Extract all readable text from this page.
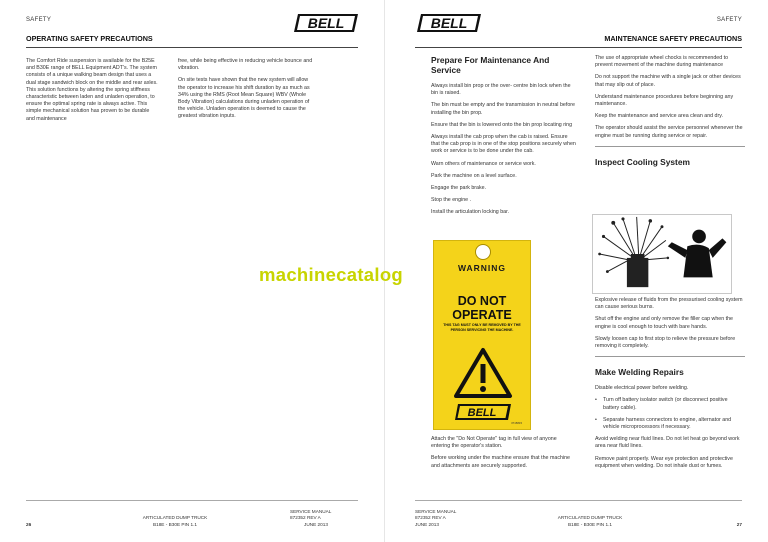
SAFETY	BELL
OPERATING SAFETY PRECAUTIONS

The Comfort Ride suspension is available for the B25E and B30E range of BELL Equipment ADT's. The system consists of a unique walking beam design that uses a dual stage sandwich block on the middle and rear axles. This solution functions by altering the spring stiffness characteristic between laden and unladen operation, to ensure the optimal spring rate is always active. This simple mechanical solution has proven to be durable and maintenance

free, while being effective in reducing vehicle bounce and vibration.

On site tests have shown that the new system will allow the operator to increase his shift duration by as much as 34% using the RMS (Root Mean Square) WBV (Whole Body Vibration) calculations during unladen operation of the vehicle. Unladen operation is deemed to cause the greatest vibration inputs.

26
ARTICULATED DUMP TRUCK
B18E - B30E PIN 1.1
SERVICE MANUAL
872352 REV A
JUNE 2013
SAFETY
BELL
MAINTENANCE SAFETY PRECAUTIONS
Prepare For Maintenance And Service

Always install bin prop or the over- centre bin lock when the bin is raised.

The bin must be empty and the transmission in neutral before installing the bin prop.

Ensure that the bin is lowered onto the bin prop locating ring

Always install the cab prop when the cab is raised. Ensure that the cab prop is in one of the stop positions securely when work or service is to be done under the cab.

Warn others of maintenance or service work.

Park the machine on a level surface.

Engage the park brake.

Stop the engine .

Install the articulation locking bar.

Attach the "Do Not Operate" tag in full view of anyone entering the operator's station.

Before working under the machine ensure that the machine and attachments are securely supported.

The use of appropriate wheel chocks is recommended to prevent movement of the machine during maintenance

Do not support the machine with a single jack or other devices that may slip out of place.

Understand maintenance procedures before beginning any maintenance.

Keep the maintenance and service area clean and dry.

The operator should assist the service personnel whenever the engine must be running during service or repair.

Inspect Cooling System

Explosive release of fluids from the pressurised cooling system can cause serious burns.

Shut off the engine and only remove the filler cap when the engine is cool enough to touch with bare hands.

Slowly loosen cap to first stop to relieve the pressure before removing it completely.

Make Welding Repairs

Disable electrical power before welding.

• Turn off battery isolator switch (or disconnect positive battery cable).
• Separate harness connectors to engine, alternator and vehicle microprocessors if necessary.

Avoid welding near fluid lines. Do not let heat go beyond work area near fluid lines.

Remove paint properly. Wear eye protection and protective equipment when welding. Do not inhale dust or fumes.

SERVICE MANUAL
872352 REV A
JUNE 2013
ARTICULATED DUMP TRUCK
B18E - B30E PIN 1.1	27
WARNING
DO NOT
OPERATE
THIS TAG MUST ONLY BE REMOVED BY THE PERSON SERVICING THE MACHINE.
BELL
3715815
machinecatalog
